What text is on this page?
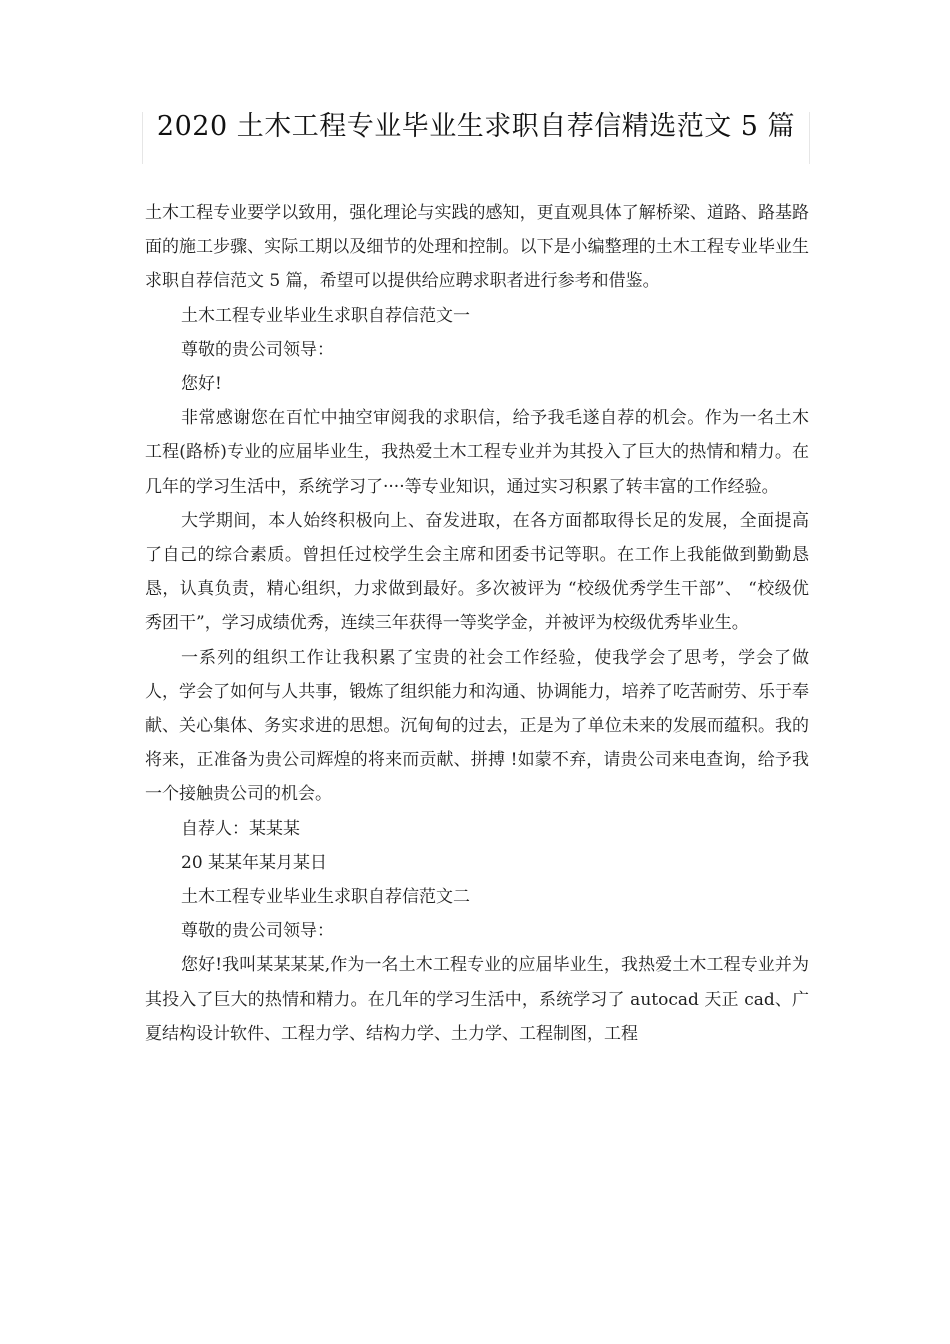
2020 土木工程专业毕业生求职自荐信精选范文 5 篇

土木工程专业要学以致用，强化理论与实践的感知，更直观具体了解桥梁、道路、路基路面的施工步骤、实际工期以及细节的处理和控制。以下是小编整理的土木工程专业毕业生求职自荐信范文 5 篇，希望可以提供给应聘求职者进行参考和借鉴。

土木工程专业毕业生求职自荐信范文一

尊敬的贵公司领导：

您好!

非常感谢您在百忙中抽空审阅我的求职信，给予我毛遂自荐的机会。作为一名土木工程(路桥)专业的应届毕业生，我热爱土木工程专业并为其投入了巨大的热情和精力。在几年的学习生活中，系统学习了····等专业知识，通过实习积累了转丰富的工作经验。

大学期间，本人始终积极向上、奋发进取，在各方面都取得长足的发展，全面提高了自己的综合素质。曾担任过校学生会主席和团委书记等职。在工作上我能做到勤勤恳恳，认真负责，精心组织，力求做到最好。多次被评为 “校级优秀学生干部”、 “校级优秀团干”，学习成绩优秀，连续三年获得一等奖学金，并被评为校级优秀毕业生。

一系列的组织工作让我积累了宝贵的社会工作经验，使我学会了思考，学会了做人，学会了如何与人共事，锻炼了组织能力和沟通、协调能力，培养了吃苦耐劳、乐于奉献、关心集体、务实求进的思想。沉甸甸的过去，正是为了单位未来的发展而蕴积。我的将来，正准备为贵公司辉煌的将来而贡献、拼搏 !如蒙不弃，请贵公司来电查询，给予我一个接触贵公司的机会。

自荐人：某某某

20 某某年某月某日

土木工程专业毕业生求职自荐信范文二

尊敬的贵公司领导：

您好!我叫某某某某,作为一名土木工程专业的应届毕业生，我热爱土木工程专业并为其投入了巨大的热情和精力。在几年的学习生活中，系统学习了 autocad 天正 cad、广夏结构设计软件、工程力学、结构力学、土力学、工程制图，工程
